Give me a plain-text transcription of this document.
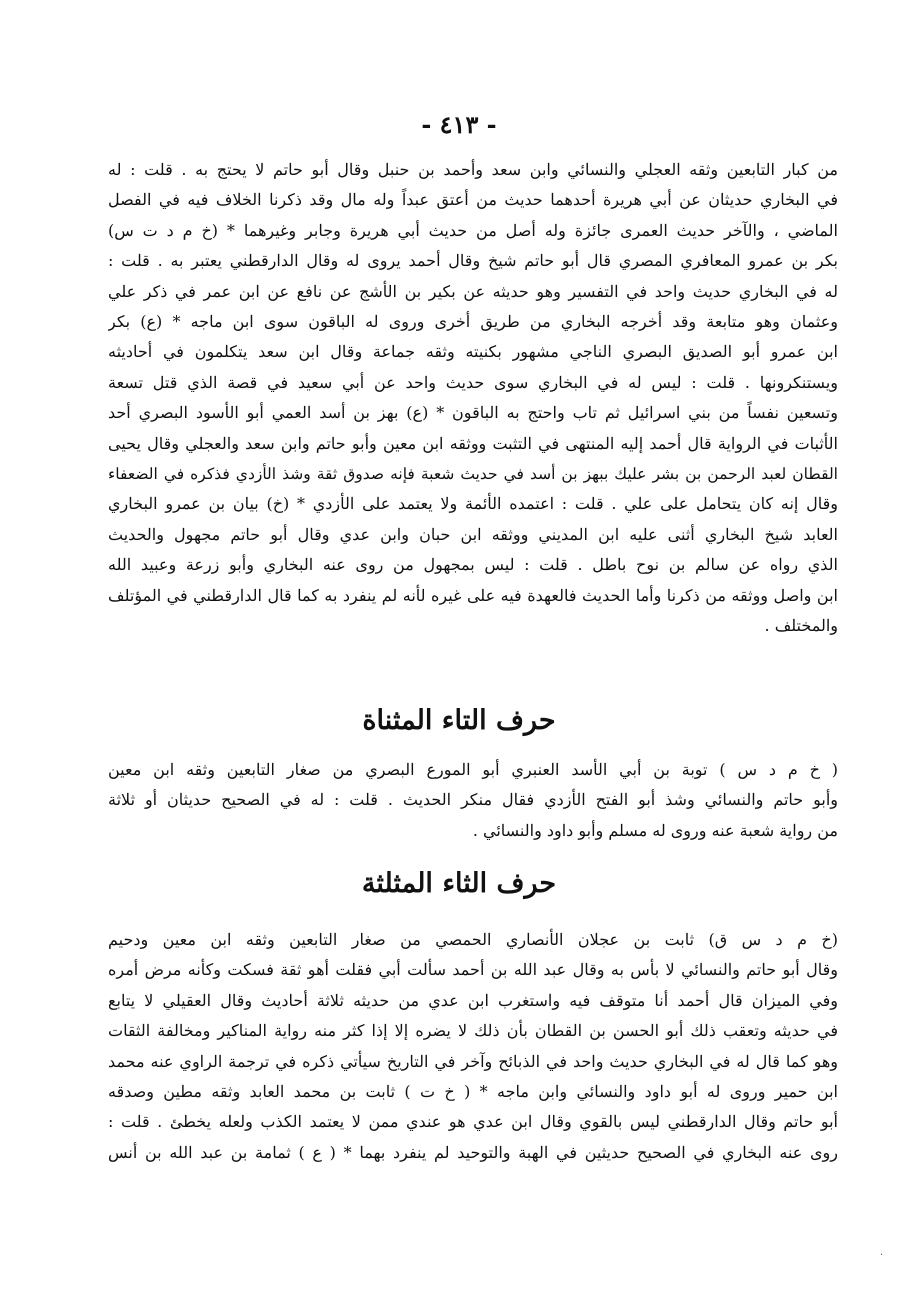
- ٤١٣ -
من كبار التابعين وثقه العجلي والنسائي وابن سعد وأحمد بن حنبل وقال أبو حاتم لا يحتج به . قلت : له
في البخاري حديثان عن أبي هريرة أحدهما حديث من أعتق عبداً وله مال وقد ذكرنا الخلاف فيه في الفصل
الماضي ، والآخر حديث العمرى جائزة وله أصل من حديث أبي هريرة وجابر وغيرهما * (خ م د ت س)
بكر بن عمرو المعافري المصري قال أبو حاتم شيخ وقال أحمد يروى له وقال الدارقطني يعتبر به . قلت :
له في البخاري حديث واحد في التفسير وهو حديثه عن بكير بن الأشج عن نافع عن ابن عمر في ذكر علي
وعثمان وهو متابعة وقد أخرجه البخاري من طريق أخرى وروى له الباقون سوى ابن ماجه * (ع) بكر
ابن عمرو أبو الصديق البصري الناجي مشهور بكنيته وثقه جماعة وقال ابن سعد يتكلمون في أحاديثه
ويستنكرونها . قلت : ليس له في البخاري سوى حديث واحد عن أبي سعيد في قصة الذي قتل تسعة
وتسعين نفساً من بني اسرائيل ثم تاب واحتج به الباقون * (ع) بهز بن أسد العمي أبو الأسود البصري أحد
الأثبات في الرواية قال أحمد إليه المنتهى في التثبت ووثقه ابن معين وأبو حاتم وابن سعد والعجلي وقال يحيى
القطان لعبد الرحمن بن بشر عليك ببهز بن أسد في حديث شعبة فإنه صدوق ثقة وشذ الأزدي فذكره في الضعفاء
وقال إنه كان يتحامل على علي . قلت : اعتمده الأئمة ولا يعتمد على الأزدي * (خ) بيان بن عمرو البخاري
العابد شيخ البخاري أثنى عليه ابن المديني ووثقه ابن حبان وابن عدي وقال أبو حاتم مجهول والحديث
الذي رواه عن سالم بن نوح باطل . قلت : ليس بمجهول من روى عنه البخاري وأبو زرعة وعبيد الله
ابن واصل ووثقه من ذكرنا وأما الحديث فالعهدة فيه على غيره لأنه لم ينفرد به كما قال الدارقطني في المؤتلف
والمختلف .
حرف التاء المثناة
( خ م د س ) توبة بن أبي الأسد العنبري أبو المورع البصري من صغار التابعين وثقه ابن معين
وأبو حاتم والنسائي وشذ أبو الفتح الأزدي فقال منكر الحديث . قلت : له في الصحيح حديثان أو ثلاثة
من رواية شعبة عنه وروى له مسلم وأبو داود والنسائي .
حرف الثاء المثلثة
(خ م د س ق) ثابت بن عجلان الأنصاري الحمصي من صغار التابعين وثقه ابن معين ودحيم
وقال أبو حاتم والنسائي لا بأس به وقال عبد الله بن أحمد سألت أبي فقلت أهو ثقة فسكت وكأنه مرض أمره
وفي الميزان قال أحمد أنا متوقف فيه واستغرب ابن عدي من حديثه ثلاثة أحاديث وقال العقيلي لا يتابع
في حديثه وتعقب ذلك أبو الحسن بن القطان بأن ذلك لا يضره إلا إذا كثر منه رواية المناكير ومخالفة الثقات
وهو كما قال له في البخاري حديث واحد في الذبائح وآخر في التاريخ سيأتي ذكره في ترجمة الراوي عنه محمد
ابن حمير وروى له أبو داود والنسائي وابن ماجه * ( خ ت ) ثابت بن محمد العابد وثقه مطين وصدقه
أبو حاتم وقال الدارقطني ليس بالقوي وقال ابن عدي هو عندي ممن لا يعتمد الكذب ولعله يخطئ . قلت :
روى عنه البخاري في الصحيح حديثين في الهبة والتوحيد لم ينفرد بهما * ( ع ) ثمامة بن عبد الله بن أنس
·
